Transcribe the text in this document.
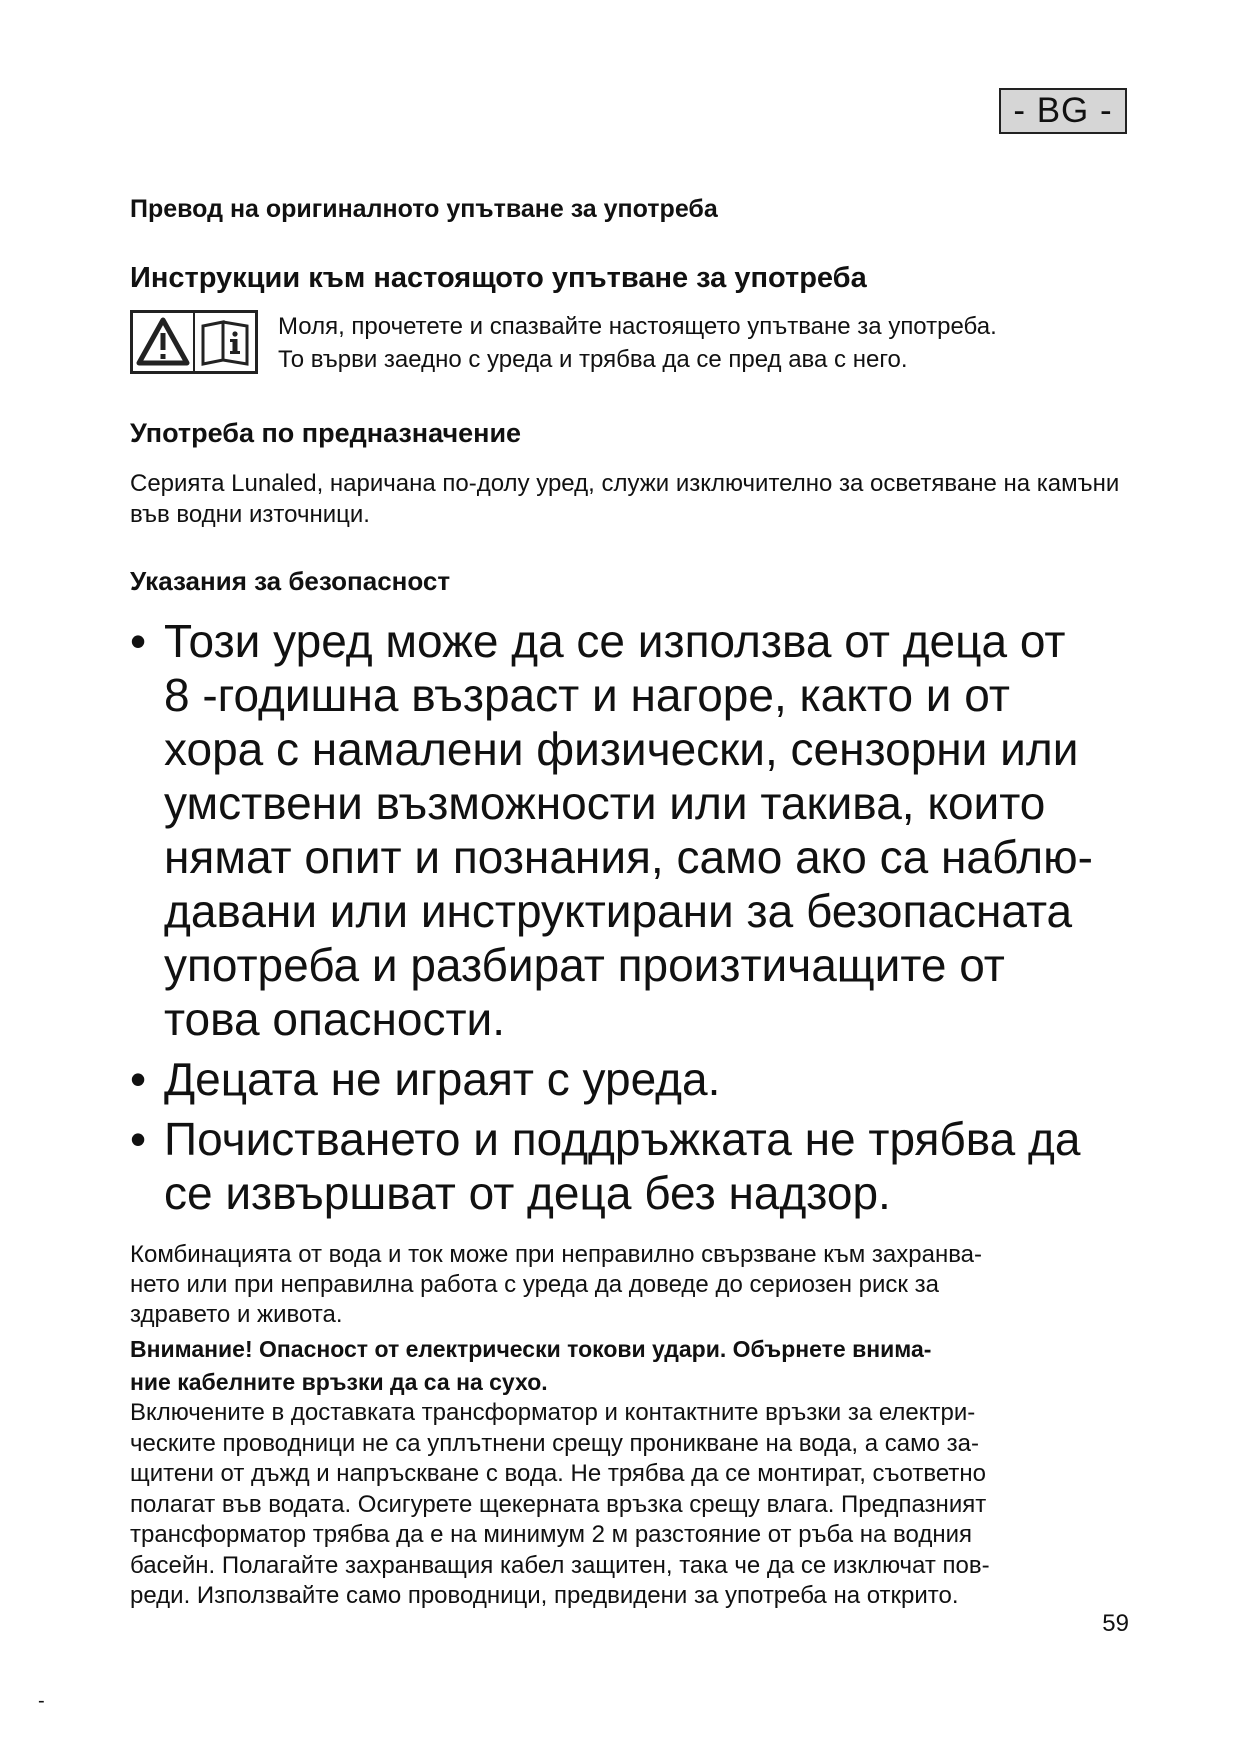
- BG -
Превод на оригиналното упътване за употреба
Инструкции към настоящото упътване за употреба
Моля, прочетете и спазвайте настоящето упътване за употреба.
То върви заедно с уреда и трябва да се пред ава с него.
Употреба по предназначение
Серията Lunaled, наричана по-долу уред, служи изключително за осветяване на камъни във водни източници.
Указания за безопасност
• Този уред може да се използва от деца от
8 -годишна възраст и нагоре, както и от
хора с намалени физически, сензорни или
умствени възможности или такива, които
нямат опит и познания, само ако са наблю-
давани или инструктирани за безопасната
употреба и разбират произтичащите от
това опасности.
• Децата не играят с уреда.
• Почистването и поддръжката не трябва да
се извършват от деца без надзор.
Комбинацията от вода и ток може при неправилно свързване към захранва-
нето или при неправилна работа с уреда да доведе до сериозен риск за
здравето и живота.
Внимание! Опасност от електрически токови удари. Обърнете внима-
ние кабелните връзки да са на сухо.
Включените в доставката трансформатор и контактните връзки за електри-
ческите проводници не са уплътнени срещу проникване на вода, а само за-
щитени от дъжд и напръскване с вода. Не трябва да се монтират, съответно
полагат във водата. Осигурете щекерната връзка срещу влага. Предпазният
трансформатор трябва да е на минимум 2 м разстояние от ръба на водния
басейн. Полагайте захранващия кабел защитен, така че да се изключат пов-
реди. Използвайте само проводници, предвидени за употреба на открито.
59
-
